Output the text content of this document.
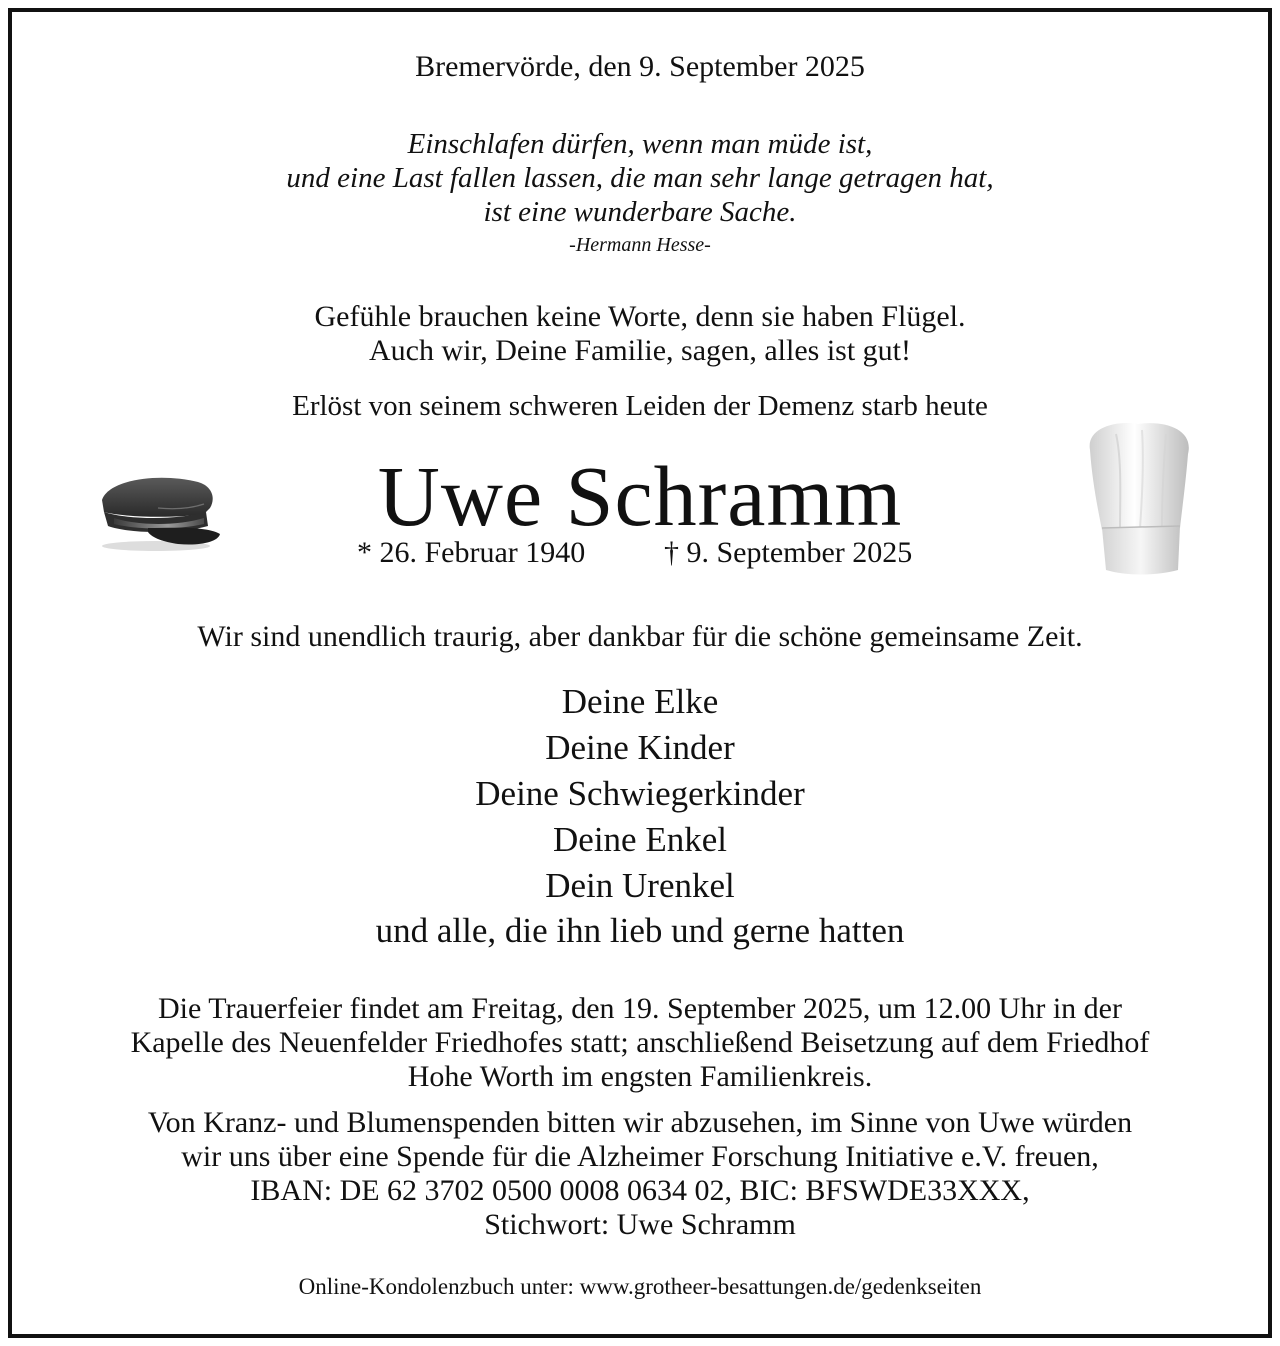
Bremervörde, den 9. September 2025
Einschlafen dürfen, wenn man müde ist,
und eine Last fallen lassen, die man sehr lange getragen hat,
ist eine wunderbare Sache.
-Hermann Hesse-
Gefühle brauchen keine Worte, denn sie haben Flügel.
Auch wir, Deine Familie, sagen, alles ist gut!
Erlöst von seinem schweren Leiden der Demenz starb heute
Uwe Schramm
* 26. Februar 1940	† 9. September 2025
Wir sind unendlich traurig, aber dankbar für die schöne gemeinsame Zeit.
Deine Elke
Deine Kinder
Deine Schwiegerkinder
Deine Enkel
Dein Urenkel
und alle, die ihn lieb und gerne hatten
Die Trauerfeier findet am Freitag, den 19. September 2025, um 12.00 Uhr in der
Kapelle des Neuenfelder Friedhofes statt; anschließend Beisetzung auf dem Friedhof
Hohe Worth im engsten Familienkreis.
Von Kranz- und Blumenspenden bitten wir abzusehen, im Sinne von Uwe würden
wir uns über eine Spende für die Alzheimer Forschung Initiative e.V. freuen,
IBAN: DE 62 3702 0500 0008 0634 02, BIC: BFSWDE33XXX,
Stichwort: Uwe Schramm
Online-Kondolenzbuch unter: www.grotheer-besattungen.de/gedenkseiten
